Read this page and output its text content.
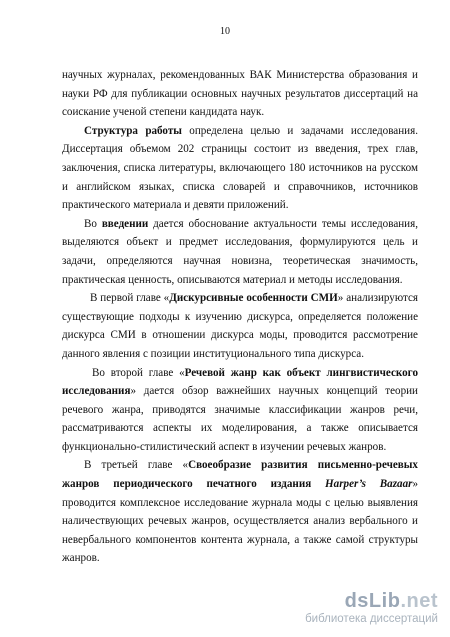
10

научных журналах, рекомендованных ВАК Министерства образования и науки РФ для публикации основных научных результатов диссертаций на соискание ученой степени кандидата наук.

Структура работы определена целью и задачами исследования. Диссертация объемом 202 страницы состоит из введения, трех глав, заключения, списка литературы, включающего 180 источников на русском и английском языках, списка словарей и справочников, источников практического материала и девяти приложений.

Во введении дается обоснование актуальности темы исследования, выделяются объект и предмет исследования, формулируются цель и задачи, определяются научная новизна, теоретическая значимость, практическая ценность, описываются материал и методы исследования.

В первой главе «Дискурсивные особенности СМИ» анализируются существующие подходы к изучению дискурса, определяется положение дискурса СМИ в отношении дискурса моды, проводится рассмотрение данного явления с позиции институционального типа дискурса.

Во второй главе «Речевой жанр как объект лингвистического исследования» дается обзор важнейших научных концепций теории речевого жанра, приводятся значимые классификации жанров речи, рассматриваются аспекты их моделирования, а также описывается функционально-стилистический аспект в изучении речевых жанров.

В третьей главе «Своеобразие развития письменно-речевых жанров периодического печатного издания Harper’s Bazaar» проводится комплексное исследование журнала моды с целью выявления наличествующих речевых жанров, осуществляется анализ вербального и невербального компонентов контента журнала, а также самой структуры жанров.

dsLib.net
библиотека диссертаций
